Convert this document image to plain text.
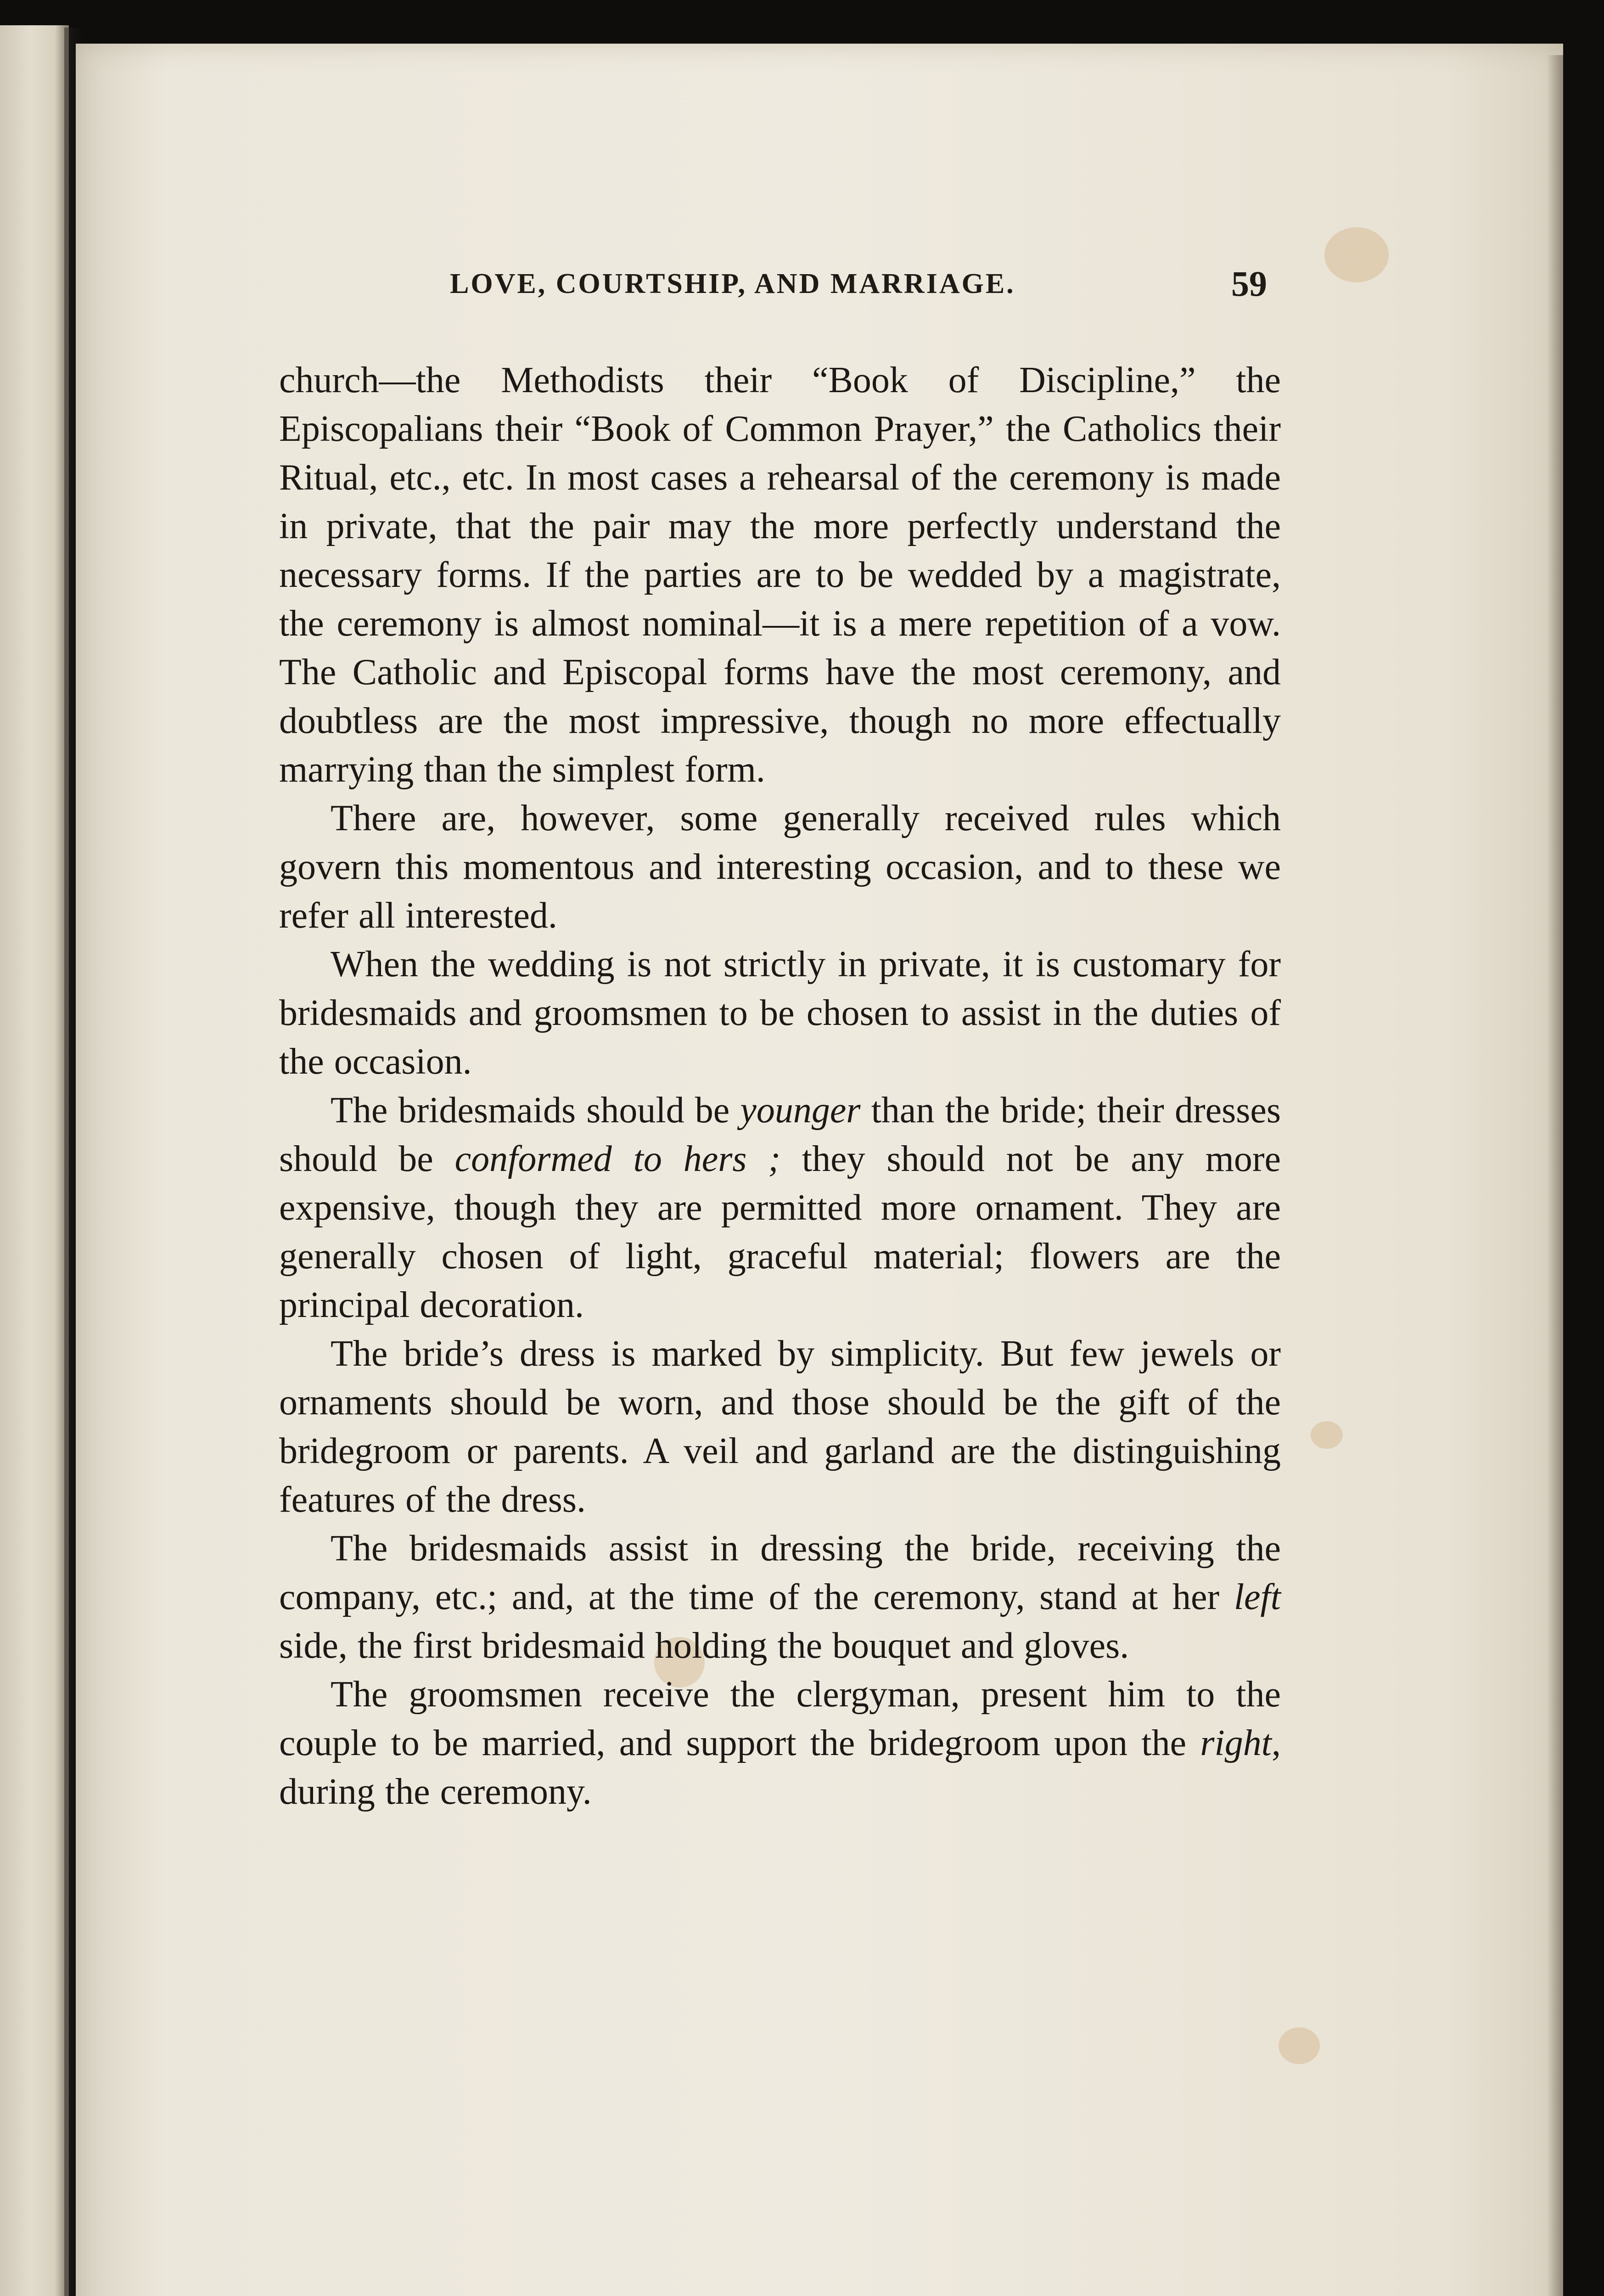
LOVE, COURTSHIP, AND MARRIAGE.	59

church—the Methodists their “Book of Discipline,” the Episcopalians their “Book of Common Prayer,” the Catholics their Ritual, etc., etc. In most cases a rehearsal of the ceremony is made in private, that the pair may the more perfectly understand the necessary forms. If the parties are to be wedded by a magistrate, the ceremony is almost nominal—it is a mere repetition of a vow. The Catholic and Episcopal forms have the most ceremony, and doubtless are the most impressive, though no more effectually marrying than the simplest form.

There are, however, some generally received rules which govern this momentous and interesting occasion, and to these we refer all interested.

When the wedding is not strictly in private, it is customary for bridesmaids and groomsmen to be chosen to assist in the duties of the occasion.

The bridesmaids should be younger than the bride; their dresses should be conformed to hers ; they should not be any more expensive, though they are permitted more ornament. They are generally chosen of light, graceful material; flowers are the principal decoration.

The bride’s dress is marked by simplicity. But few jewels or ornaments should be worn, and those should be the gift of the bridegroom or parents. A veil and garland are the distinguishing features of the dress.

The bridesmaids assist in dressing the bride, receiving the company, etc.; and, at the time of the ceremony, stand at her left side, the first bridesmaid holding the bouquet and gloves.

The groomsmen receive the clergyman, present him to the couple to be married, and support the bridegroom upon the right, during the ceremony.
